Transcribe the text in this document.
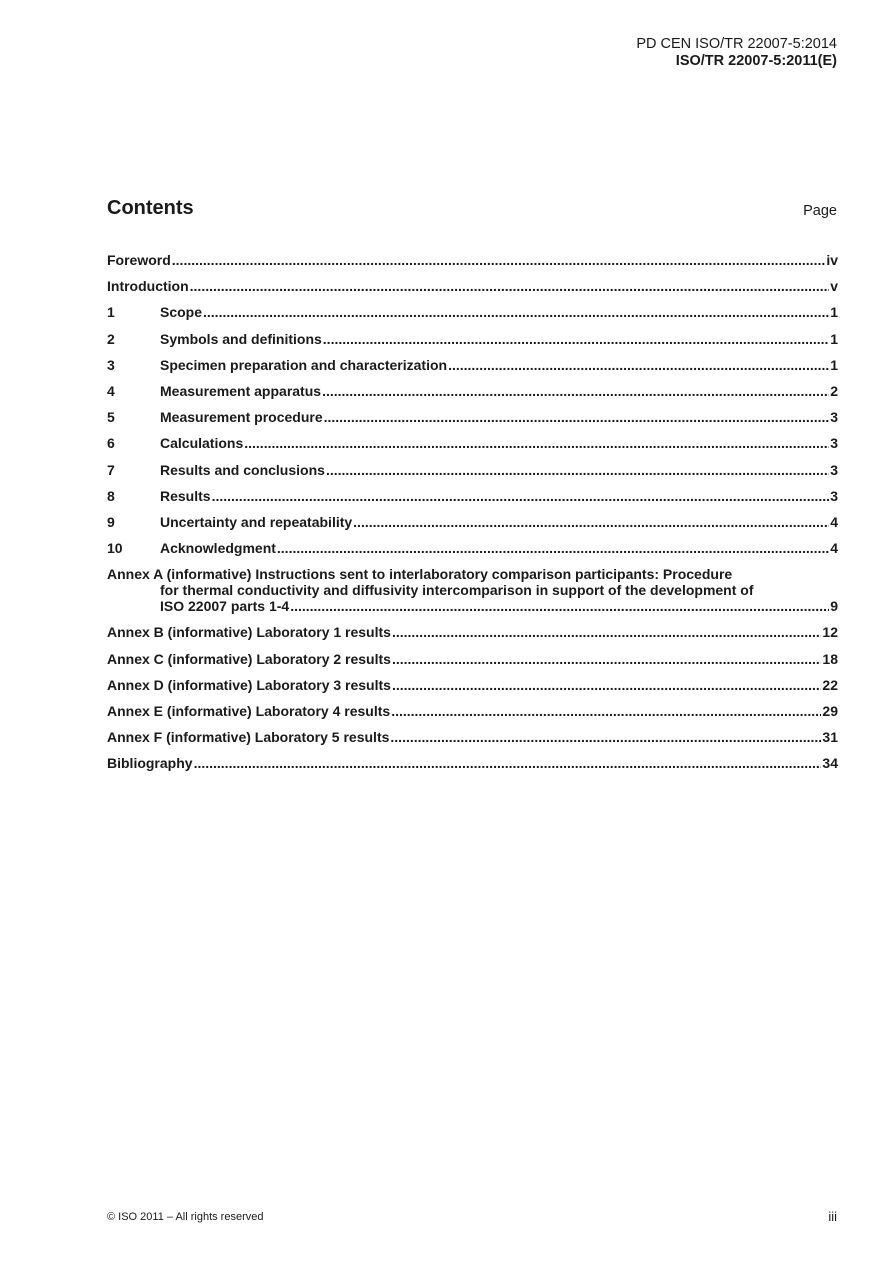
PD CEN ISO/TR 22007-5:2014
ISO/TR 22007-5:2011(E)
Contents	Page
Foreword .....	iv
Introduction .....	v
1	Scope .....	1
2	Symbols and definitions .....	1
3	Specimen preparation and characterization .....	1
4	Measurement apparatus .....	2
5	Measurement procedure .....	3
6	Calculations .....	3
7	Results and conclusions .....	3
8	Results .....	3
9	Uncertainty and repeatability .....	4
10	Acknowledgment .....	4
Annex A (informative) Instructions sent to interlaboratory comparison participants: Procedure
for thermal conductivity and diffusivity intercomparison in support of the development of
ISO 22007 parts 1-4 .....	9
Annex B (informative) Laboratory 1 results .....	12
Annex C (informative) Laboratory 2 results .....	18
Annex D (informative) Laboratory 3 results .....	22
Annex E (informative) Laboratory 4 results .....	29
Annex F (informative) Laboratory 5 results .....	31
Bibliography .....	34
© ISO 2011 – All rights reserved	iii
